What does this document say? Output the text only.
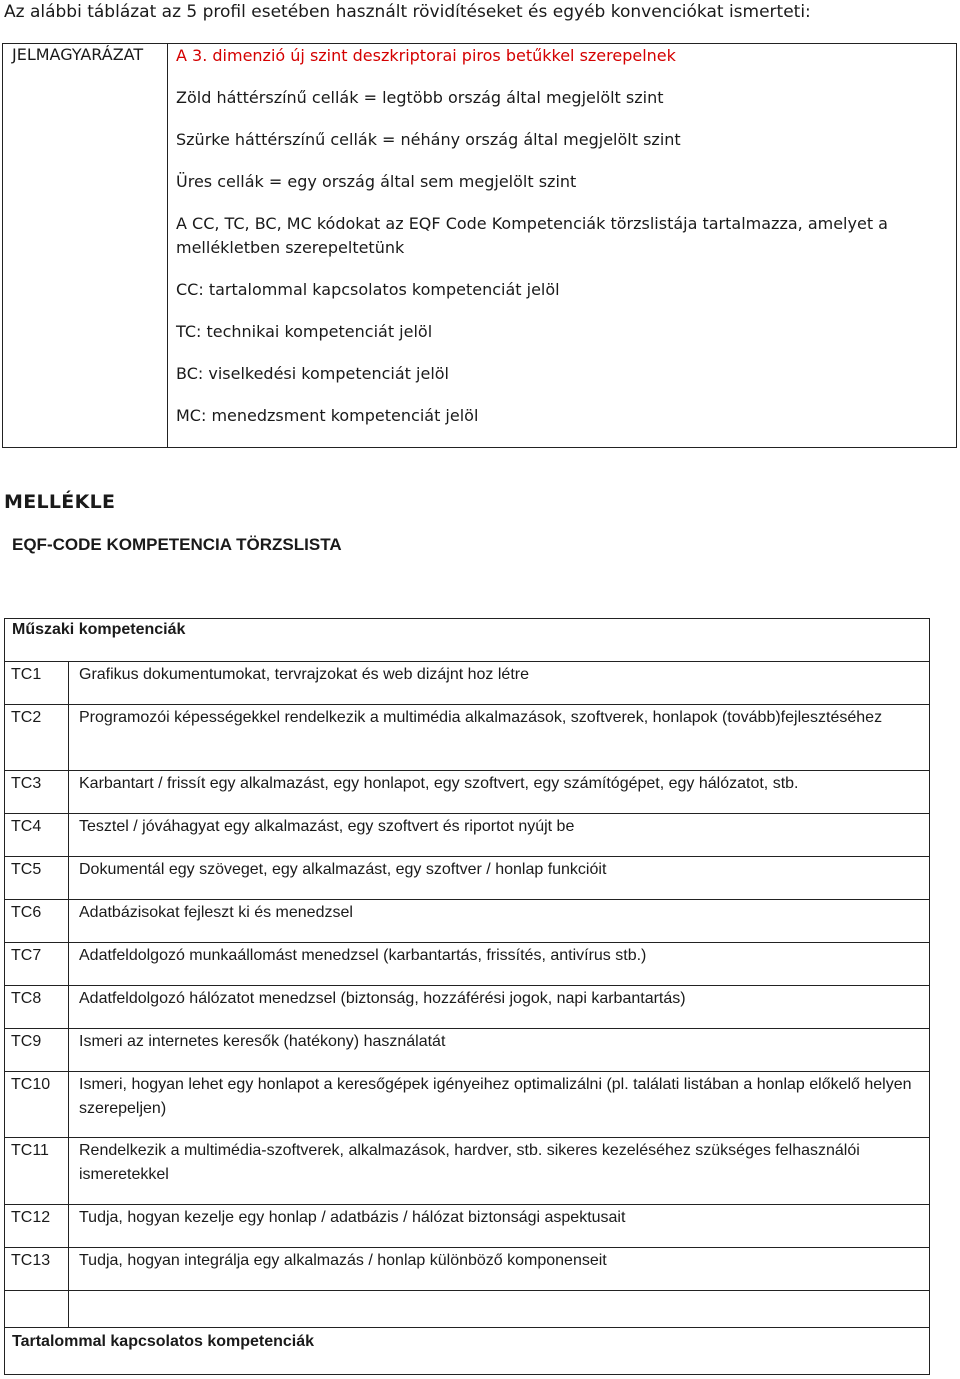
Az alábbi táblázat az 5 profil esetében használt rövidítéseket és egyéb konvenciókat ismerteti:
JELMAGYARÁZAT A 3. dimenzió új szint deszkriptorai piros betűkkel szerepelnek
Zöld háttérszínű cellák = legtöbb ország által megjelölt szint
Szürke háttérszínű cellák = néhány ország által megjelölt szint
Üres cellák = egy ország által sem megjelölt szint
A CC, TC, BC, MC kódokat az EQF Code Kompetenciák törzslistája tartalmazza, amelyet a mellékletben szerepeltetünk
CC: tartalommal kapcsolatos kompetenciát jelöl
TC: technikai kompetenciát jelöl
BC: viselkedési kompetenciát jelöl
MC: menedzsment kompetenciát jelöl
MELLÉKLE
EQF-CODE KOMPETENCIA TÖRZSLISTA
Műszaki kompetenciák
TC1 Grafikus dokumentumokat, tervrajzokat és web dizájnt hoz létre
TC2 Programozói képességekkel rendelkezik a multimédia alkalmazások, szoftverek, honlapok (tovább)fejlesztéséhez
TC3 Karbantart / frissít egy alkalmazást, egy honlapot, egy szoftvert, egy számítógépet, egy hálózatot, stb.
TC4 Tesztel / jóváhagyat egy alkalmazást, egy szoftvert és riportot nyújt be
TC5 Dokumentál egy szöveget, egy alkalmazást, egy szoftver / honlap funkcióit
TC6 Adatbázisokat fejleszt ki és menedzsel
TC7 Adatfeldolgozó munkaállomást menedzsel (karbantartás, frissítés, antivírus stb.)
TC8 Adatfeldolgozó hálózatot menedzsel (biztonság, hozzáférési jogok, napi karbantartás)
TC9 Ismeri az internetes keresők (hatékony) használatát
TC10 Ismeri, hogyan lehet egy honlapot a keresőgépek igényeihez optimalizálni (pl. találati listában a honlap előkelő helyen szerepeljen)
TC11 Rendelkezik a multimédia-szoftverek, alkalmazások, hardver, stb. sikeres kezeléséhez szükséges felhasználói ismeretekkel
TC12 Tudja, hogyan kezelje egy honlap / adatbázis / hálózat biztonsági aspektusait
TC13 Tudja, hogyan integrálja egy alkalmazás / honlap különböző komponenseit
Tartalommal kapcsolatos kompetenciák
